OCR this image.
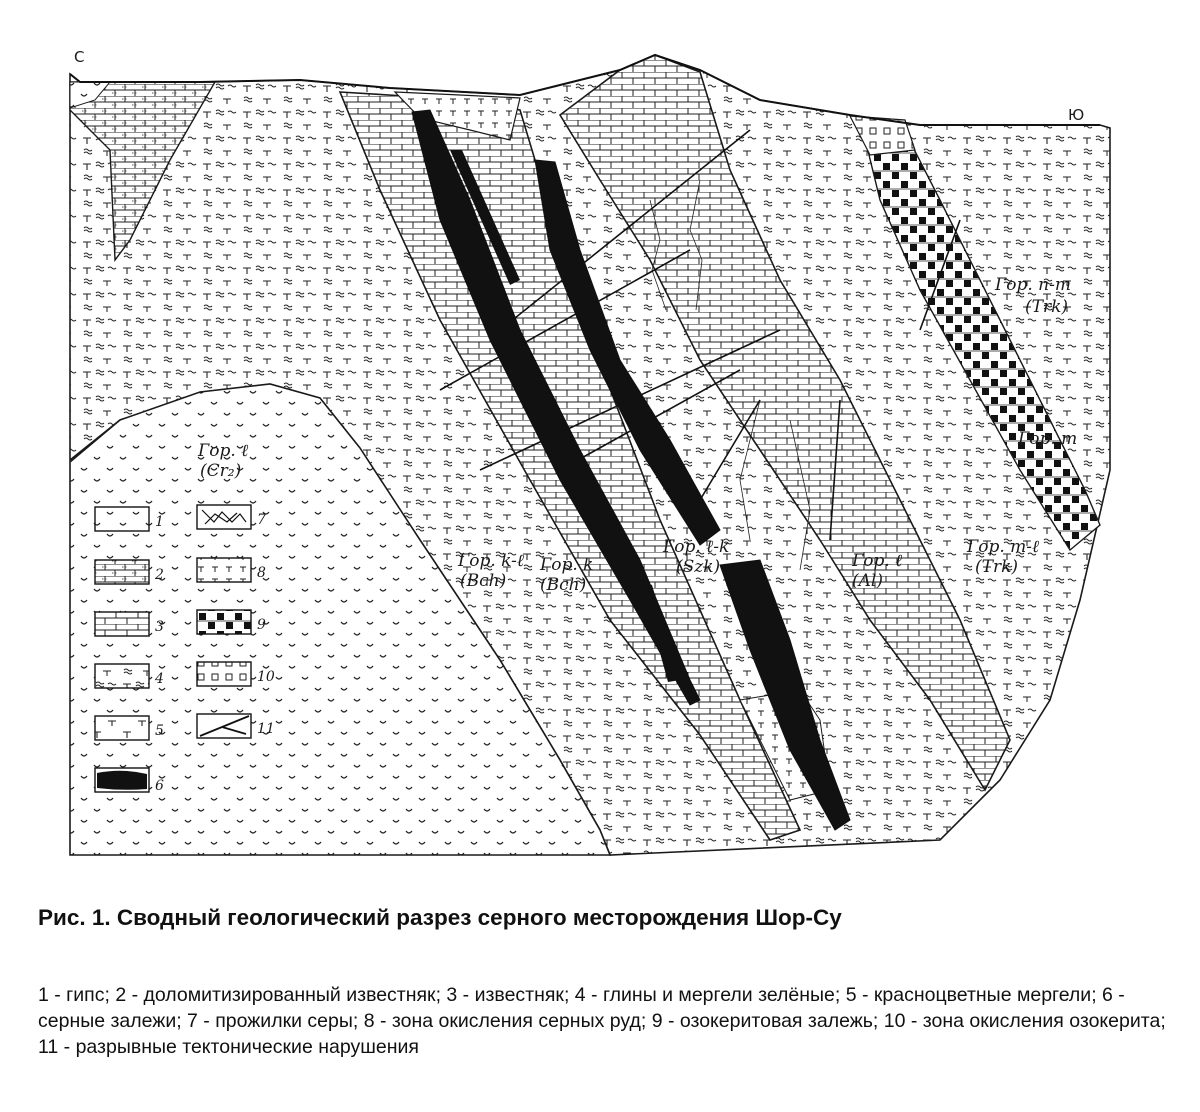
С
Ю
Гор. ℓ
(Cr₂)
Гор. k-ℓ
(Bch)
Гор. k
(Bch)
Гор. ℓ-k
(Szk)	Гор. ℓ
(Al)
Гор. m-ℓ
(Trk)
Гор. n-m
(Trk)
Гор. m
1
2
3
4
5
6
7
8
9
10
11
Рис. 1. Сводный геологический разрез серного месторождения Шор-Су
1 - гипс; 2 - доломитизированный известняк; 3 - известняк; 4 - глины и мергели зелёные; 5 - красноцветные мергели; 6 - серные залежи; 7 - прожилки серы; 8 - зона окисления серных руд; 9 - озокеритовая залежь; 10 - зона окисления озокерита; 11 - разрывные тектонические нарушения
